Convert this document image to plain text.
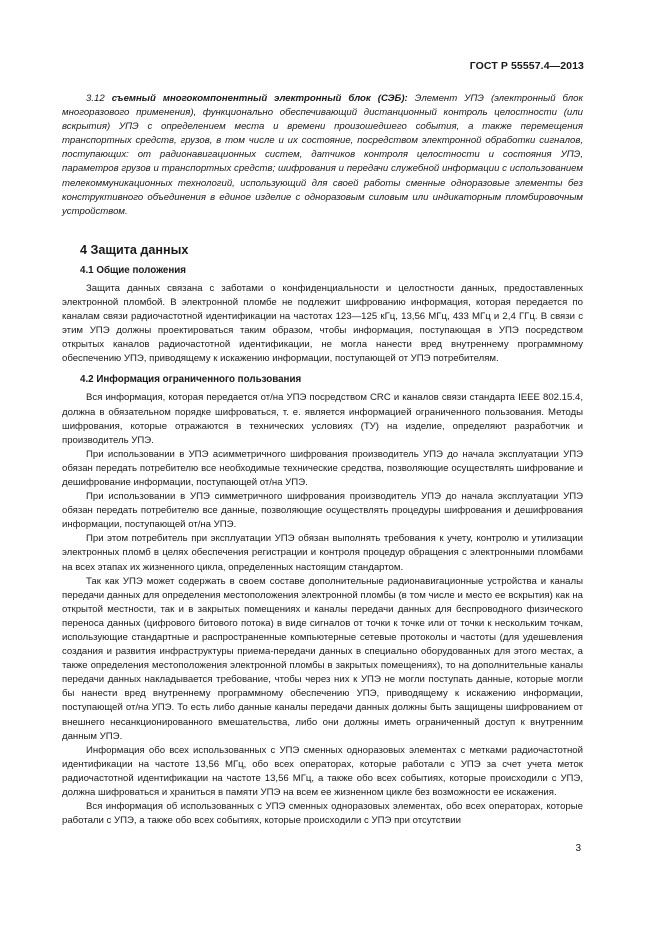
ГОСТ Р 55557.4—2013

3.12 съемный многокомпонентный электронный блок (СЭБ): Элемент УПЭ (электронный блок многоразового применения), функционально обеспечивающий дистанционный контроль целостности (или вскрытия) УПЭ с определением места и времени произошедшего события, а также перемещения транспортных средств, грузов, в том числе и их состояние, посредством электронной обработки сигналов, поступающих: от радионавигационных систем, датчиков контроля целостности и состояния УПЭ, параметров грузов и транспортных средств; шифрования и передачи служебной информации с использованием телекоммуникационных технологий, использующий для своей работы сменные одноразовые элементы без конструктивного объединения в единое изделие с одноразовым силовым или индикаторным пломбировочным устройством.

4 Защита данных
4.1 Общие положения

Защита данных связана с заботами о конфиденциальности и целостности данных, предоставленных электронной пломбой. В электронной пломбе не подлежит шифрованию информация, которая передается по каналам связи радиочастотной идентификации на частотах 123—125 кГц, 13,56 МГц, 433 МГц и 2,4 ГГц. В связи с этим УПЭ должны проектироваться таким образом, чтобы информация, поступающая в УПЭ посредством открытых каналов радиочастотной идентификации, не могла нанести вред внутреннему программному обеспечению УПЭ, приводящему к искажению информации, поступающей от УПЭ потребителям.

4.2 Информация ограниченного пользования

Вся информация, которая передается от/на УПЭ посредством CRC и каналов связи стандарта IEEE 802.15.4, должна в обязательном порядке шифроваться, т. е. является информацией ограниченного пользования. Методы шифрования, которые отражаются в технических условиях (ТУ) на изделие, определяют разработчик и производитель УПЭ.

При использовании в УПЭ асимметричного шифрования производитель УПЭ до начала эксплуатации УПЭ обязан передать потребителю все необходимые технические средства, позволяющие осуществлять шифрование и дешифрование информации, поступающей от/на УПЭ.

При использовании в УПЭ симметричного шифрования производитель УПЭ до начала эксплуатации УПЭ обязан передать потребителю все данные, позволяющие осуществлять процедуры шифрования и дешифрования информации, поступающей от/на УПЭ.

При этом потребитель при эксплуатации УПЭ обязан выполнять требования к учету, контролю и утилизации электронных пломб в целях обеспечения регистрации и контроля процедур обращения с электронными пломбами на всех этапах их жизненного цикла, определенных настоящим стандартом.

Так как УПЭ может содержать в своем составе дополнительные радионавигационные устройства и каналы передачи данных для определения местоположения электронной пломбы (в том числе и место ее вскрытия) как на открытой местности, так и в закрытых помещениях и каналы передачи данных для беспроводного физического переноса данных (цифрового битового потока) в виде сигналов от точки к точке или от точки к нескольким точкам, использующие стандартные и распространенные компьютерные сетевые протоколы и частоты (для удешевления создания и развития инфраструктуры приема-передачи данных в специально оборудованных для этого местах, а также определения местоположения электронной пломбы в закрытых помещениях), то на дополнительные каналы передачи данных накладывается требование, чтобы через них к УПЭ не могли поступать данные, которые могли бы нанести вред внутреннему программному обеспечению УПЭ, приводящему к искажению информации, поступающей от/на УПЭ. То есть либо данные каналы передачи данных должны быть защищены шифрованием от внешнего несанкционированного вмешательства, либо они должны иметь ограниченный доступ к внутренним данным УПЭ.

Информация обо всех использованных с УПЭ сменных одноразовых элементах с метками радиочастотной идентификации на частоте 13,56 МГц, обо всех операторах, которые работали с УПЭ за счет учета меток радиочастотной идентификации на частоте 13,56 МГц, а также обо всех событиях, которые происходили с УПЭ, должна шифроваться и храниться в памяти УПЭ на всем ее жизненном цикле без возможности ее искажения.

Вся информация об использованных с УПЭ сменных одноразовых элементах, обо всех операторах, которые работали с УПЭ, а также обо всех событиях, которые происходили с УПЭ при отсутствии

3
